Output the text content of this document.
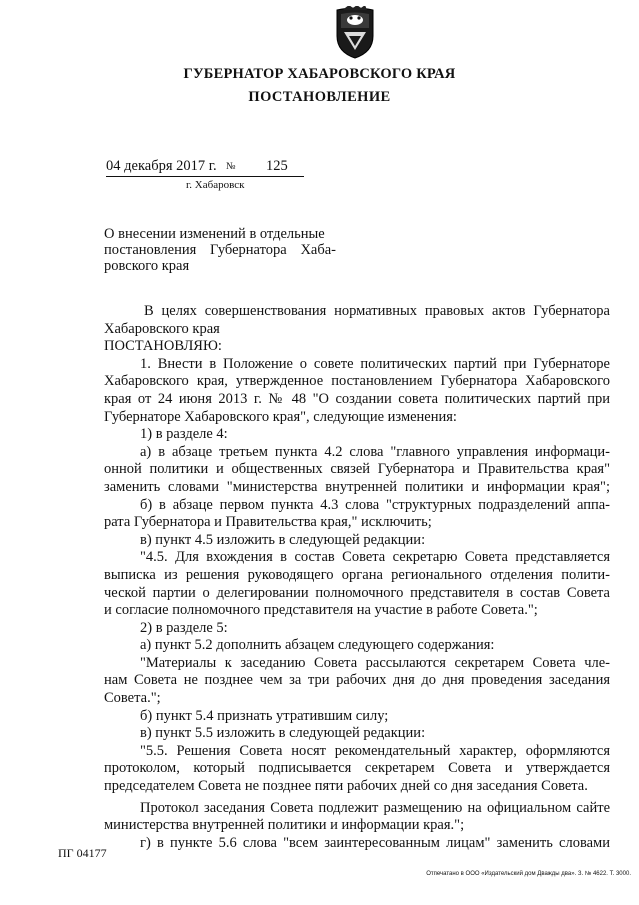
ГУБЕРНАТОР ХАБАРОВСКОГО КРАЯ
ПОСТАНОВЛЕНИЕ
04 декабря 2017 г. № 125
г. Хабаровск
О внесении изменений в отдельные
постановления Губернатора Хаба-
ровского края
В целях совершенствования нормативных правовых актов Губернатора
Хабаровского края
ПОСТАНОВЛЯЮ:
1. Внести в Положение о совете политических партий при Губернаторе
Хабаровского края, утвержденное постановлением Губернатора Хабаровского
края от 24 июня 2013 г. № 48 "О создании совета политических партий при
Губернаторе Хабаровского края", следующие изменения:
1) в разделе 4:
а) в абзаце третьем пункта 4.2 слова "главного управления информаци-
онной политики и общественных связей Губернатора и Правительства края"
заменить словами "министерства внутренней политики и информации края";
б) в абзаце первом пункта 4.3 слова "структурных подразделений аппа-
рата Губернатора и Правительства края," исключить;
в) пункт 4.5 изложить в следующей редакции:
"4.5. Для вхождения в состав Совета секретарю Совета представляется
выписка из решения руководящего органа регионального отделения полити-
ческой партии о делегировании полномочного представителя в состав Совета
и согласие полномочного представителя на участие в работе Совета.";
2) в разделе 5:
а) пункт 5.2 дополнить абзацем следующего содержания:
"Материалы к заседанию Совета рассылаются секретарем Совета чле-
нам Совета не позднее чем за три рабочих дня до дня проведения заседания
Совета.";
б) пункт 5.4 признать утратившим силу;
в) пункт 5.5 изложить в следующей редакции:
"5.5. Решения Совета носят рекомендательный характер, оформляются
протоколом, который подписывается секретарем Совета и утверждается
председателем Совета не позднее пяти рабочих дней со дня заседания Совета.
Протокол заседания Совета подлежит размещению на официальном сайте
министерства внутренней политики и информации края.";
г) в пункте 5.6 слова "всем заинтересованным лицам" заменить словами
ПГ 04177
Отпечатано в ООО «Издательский дом Дважды два». З. № 4622. Т. 3000.
